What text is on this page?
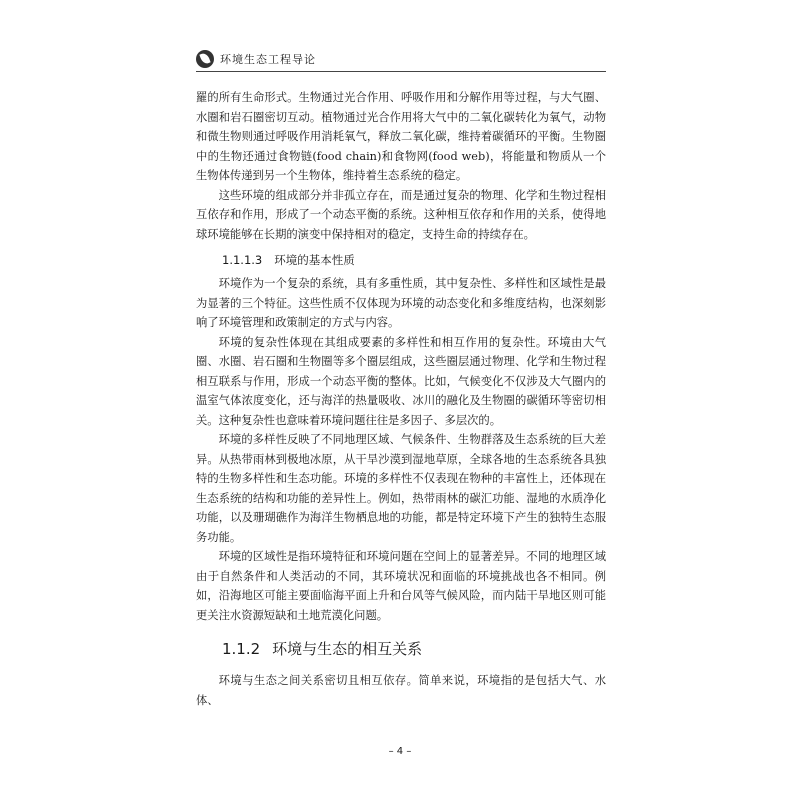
环境生态工程导论

羅的所有生命形式。生物通过光合作用、呼吸作用和分解作用等过程，与大气圈、水圈和岩石圈密切互动。植物通过光合作用将大气中的二氧化碳转化为氧气，动物和微生物则通过呼吸作用消耗氧气，释放二氧化碳，维持着碳循环的平衡。生物圈中的生物还通过食物链(food chain)和食物网(food web)，将能量和物质从一个生物体传递到另一个生物体，维持着生态系统的稳定。

这些环境的组成部分并非孤立存在，而是通过复杂的物理、化学和生物过程相互依存和作用，形成了一个动态平衡的系统。这种相互依存和作用的关系，使得地球环境能够在长期的演变中保持相对的稳定，支持生命的持续存在。

1.1.1.3 环境的基本性质

环境作为一个复杂的系统，具有多重性质，其中复杂性、多样性和区域性是最为显著的三个特征。这些性质不仅体现为环境的动态变化和多维度结构，也深刻影响了环境管理和政策制定的方式与内容。

环境的复杂性体现在其组成要素的多样性和相互作用的复杂性。环境由大气圈、水圈、岩石圈和生物圈等多个圈层组成，这些圈层通过物理、化学和生物过程相互联系与作用，形成一个动态平衡的整体。比如，气候变化不仅涉及大气圈内的温室气体浓度变化，还与海洋的热量吸收、冰川的融化及生物圈的碳循环等密切相关。这种复杂性也意味着环境问题往往是多因子、多层次的。

环境的多样性反映了不同地理区域、气候条件、生物群落及生态系统的巨大差异。从热带雨林到极地冰原，从干旱沙漠到湿地草原，全球各地的生态系统各具独特的生物多样性和生态功能。环境的多样性不仅表现在物种的丰富性上，还体现在生态系统的结构和功能的差异性上。例如，热带雨林的碳汇功能、湿地的水质净化功能，以及珊瑚礁作为海洋生物栖息地的功能，都是特定环境下产生的独特生态服务功能。

环境的区域性是指环境特征和环境问题在空间上的显著差异。不同的地理区域由于自然条件和人类活动的不同，其环境状况和面临的环境挑战也各不相同。例如，沿海地区可能主要面临海平面上升和台风等气候风险，而内陆干旱地区则可能更关注水资源短缺和土地荒漠化问题。

1.1.2 环境与生态的相互关系

环境与生态之间关系密切且相互依存。简单来说，环境指的是包括大气、水体、

– 4 –
